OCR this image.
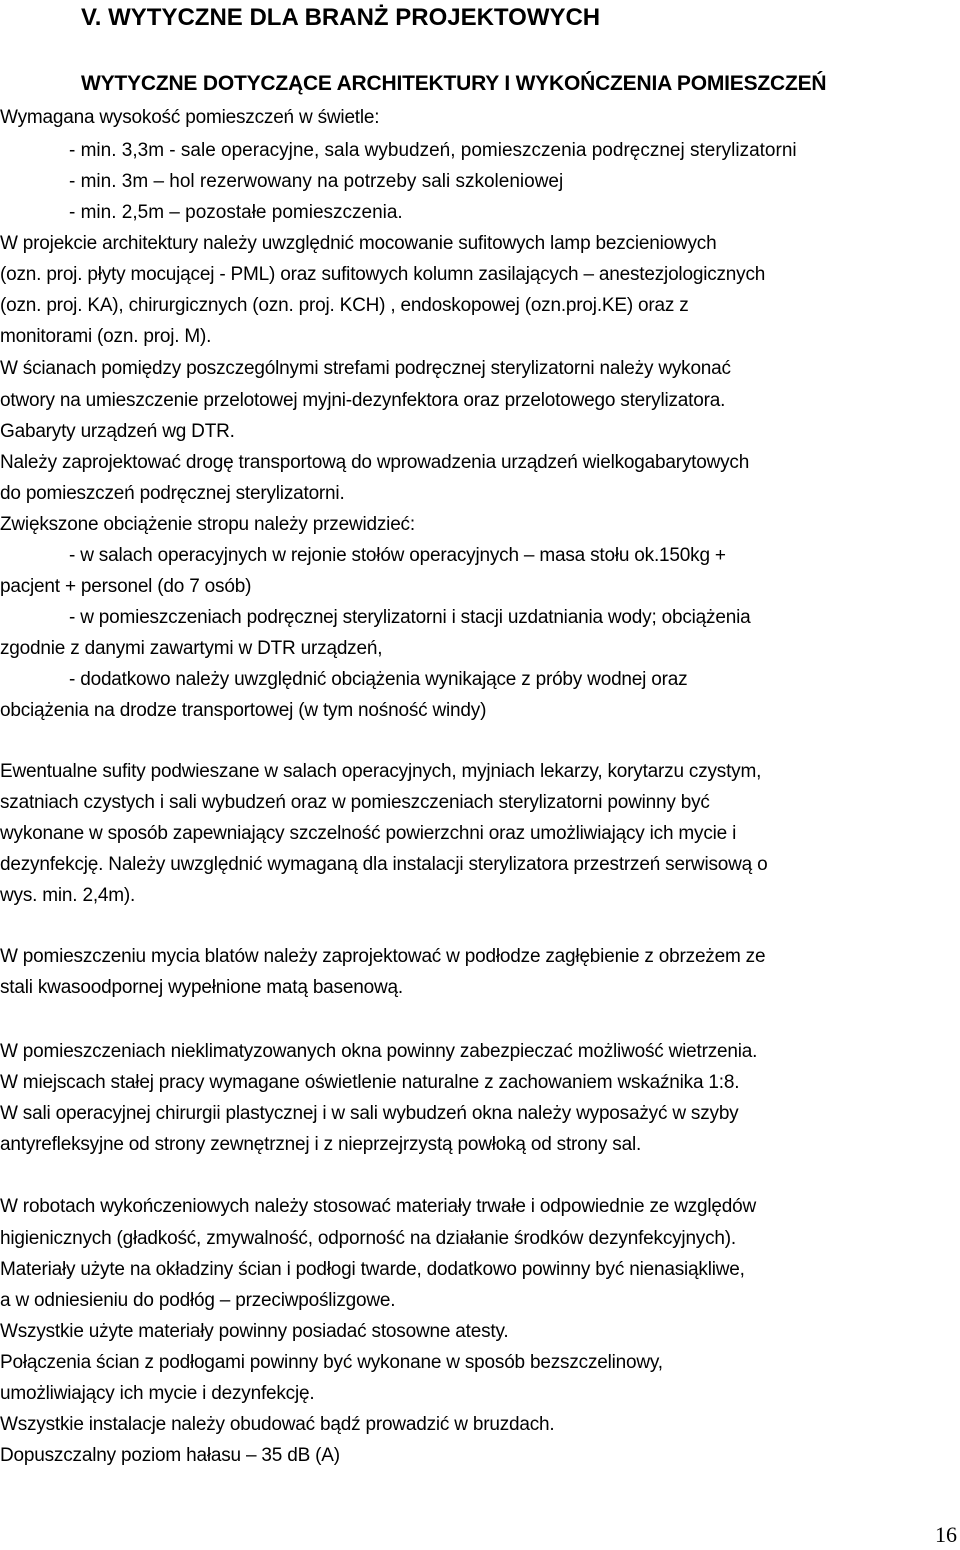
V. WYTYCZNE DLA BRANŻ PROJEKTOWYCH
WYTYCZNE DOTYCZĄCE ARCHITEKTURY I WYKOŃCZENIA POMIESZCZEŃ
Wymagana wysokość pomieszczeń w świetle:
- min. 3,3m - sale operacyjne, sala wybudzeń, pomieszczenia podręcznej sterylizatorni
- min. 3m – hol rezerwowany na potrzeby sali szkoleniowej
- min. 2,5m – pozostałe pomieszczenia.
W projekcie architektury należy uwzględnić mocowanie sufitowych lamp bezcieniowych
(ozn. proj. płyty mocującej - PML) oraz sufitowych kolumn zasilających – anestezjologicznych
(ozn. proj. KA), chirurgicznych (ozn. proj. KCH) , endoskopowej (ozn.proj.KE) oraz z
monitorami (ozn. proj. M).
W ścianach pomiędzy poszczególnymi strefami podręcznej sterylizatorni należy wykonać
otwory na umieszczenie przelotowej myjni-dezynfektora oraz przelotowego sterylizatora.
Gabaryty urządzeń wg DTR.
Należy zaprojektować drogę transportową do wprowadzenia urządzeń wielkogabarytowych
do pomieszczeń podręcznej sterylizatorni.
Zwiększone obciążenie stropu należy przewidzieć:
- w salach operacyjnych w rejonie stołów operacyjnych – masa stołu ok.150kg +
pacjent + personel (do 7 osób)
- w pomieszczeniach podręcznej sterylizatorni i stacji uzdatniania wody; obciążenia
zgodnie z danymi zawartymi w DTR urządzeń,
- dodatkowo należy uwzględnić obciążenia wynikające z próby wodnej oraz
obciążenia na drodze transportowej (w tym nośność windy)
Ewentualne sufity podwieszane w salach operacyjnych, myjniach lekarzy, korytarzu czystym,
szatniach czystych i sali wybudzeń oraz w pomieszczeniach sterylizatorni powinny być
wykonane w sposób zapewniający szczelność powierzchni oraz umożliwiający ich mycie i
dezynfekcję. Należy uwzględnić wymaganą dla instalacji sterylizatora przestrzeń serwisową o
wys. min. 2,4m).
W pomieszczeniu mycia blatów należy zaprojektować w podłodze zagłębienie z obrzeżem ze
stali kwasoodpornej wypełnione matą basenową.
W pomieszczeniach nieklimatyzowanych okna powinny zabezpieczać możliwość wietrzenia.
W miejscach stałej pracy wymagane oświetlenie naturalne z zachowaniem wskaźnika 1:8.
W sali operacyjnej chirurgii plastycznej i w sali wybudzeń okna należy wyposażyć w szyby
antyrefleksyjne od strony zewnętrznej i z nieprzejrzystą powłoką od strony sal.
W robotach wykończeniowych należy stosować materiały trwałe i odpowiednie ze względów
higienicznych (gładkość, zmywalność, odporność na działanie środków dezynfekcyjnych).
Materiały użyte na okładziny ścian i podłogi twarde, dodatkowo powinny być nienasiąkliwe,
a w odniesieniu do podłóg – przeciwpoślizgowe.
Wszystkie użyte materiały powinny posiadać stosowne atesty.
Połączenia ścian z podłogami powinny być wykonane w sposób bezszczelinowy,
umożliwiający ich mycie i dezynfekcję.
Wszystkie instalacje należy obudować bądź prowadzić w bruzdach.
Dopuszczalny poziom hałasu – 35 dB (A)
16
